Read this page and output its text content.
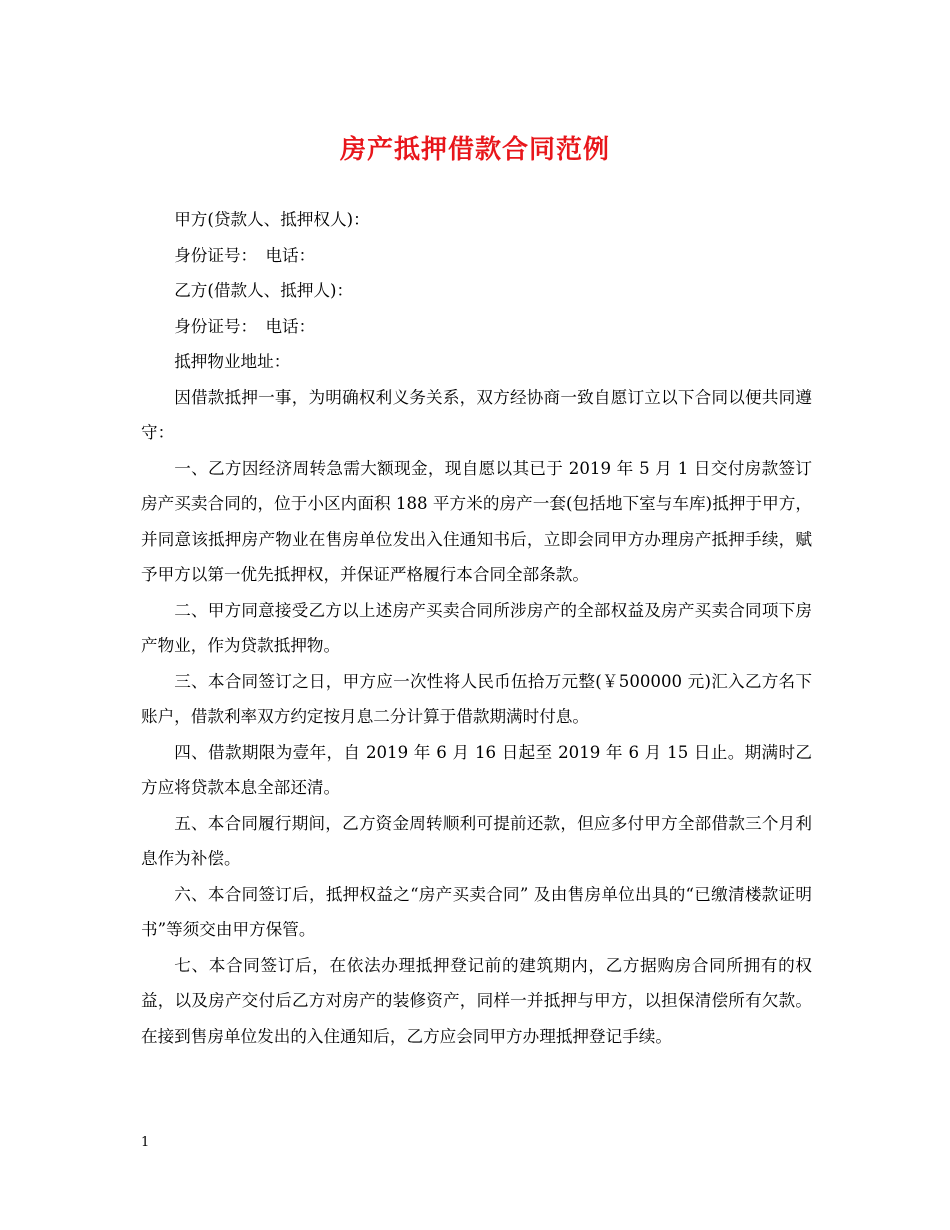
房产抵押借款合同范例

甲方(贷款人、抵押权人)：

身份证号：　电话：

乙方(借款人、抵押人)：

身份证号：　电话：

抵押物业地址：

因借款抵押一事，为明确权利义务关系，双方经协商一致自愿订立以下合同以便共同遵守：

一、乙方因经济周转急需大额现金，现自愿以其已于 2019 年 5 月 1 日交付房款签订房产买卖合同的，位于小区内面积 188 平方米的房产一套(包括地下室与车库)抵押于甲方，并同意该抵押房产物业在售房单位发出入住通知书后，立即会同甲方办理房产抵押手续，赋予甲方以第一优先抵押权，并保证严格履行本合同全部条款。

二、甲方同意接受乙方以上述房产买卖合同所涉房产的全部权益及房产买卖合同项下房产物业，作为贷款抵押物。

三、本合同签订之日，甲方应一次性将人民币伍拾万元整(￥500000 元)汇入乙方名下账户，借款利率双方约定按月息二分计算于借款期满时付息。

四、借款期限为壹年，自 2019 年 6 月 16 日起至 2019 年 6 月 15 日止。期满时乙方应将贷款本息全部还清。

五、本合同履行期间，乙方资金周转顺利可提前还款，但应多付甲方全部借款三个月利息作为补偿。

六、本合同签订后，抵押权益之“房产买卖合同” 及由售房单位出具的“已缴清楼款证明书”等须交由甲方保管。

七、本合同签订后，在依法办理抵押登记前的建筑期内，乙方据购房合同所拥有的权益，以及房产交付后乙方对房产的装修资产，同样一并抵押与甲方，以担保清偿所有欠款。在接到售房单位发出的入住通知后，乙方应会同甲方办理抵押登记手续。

1
